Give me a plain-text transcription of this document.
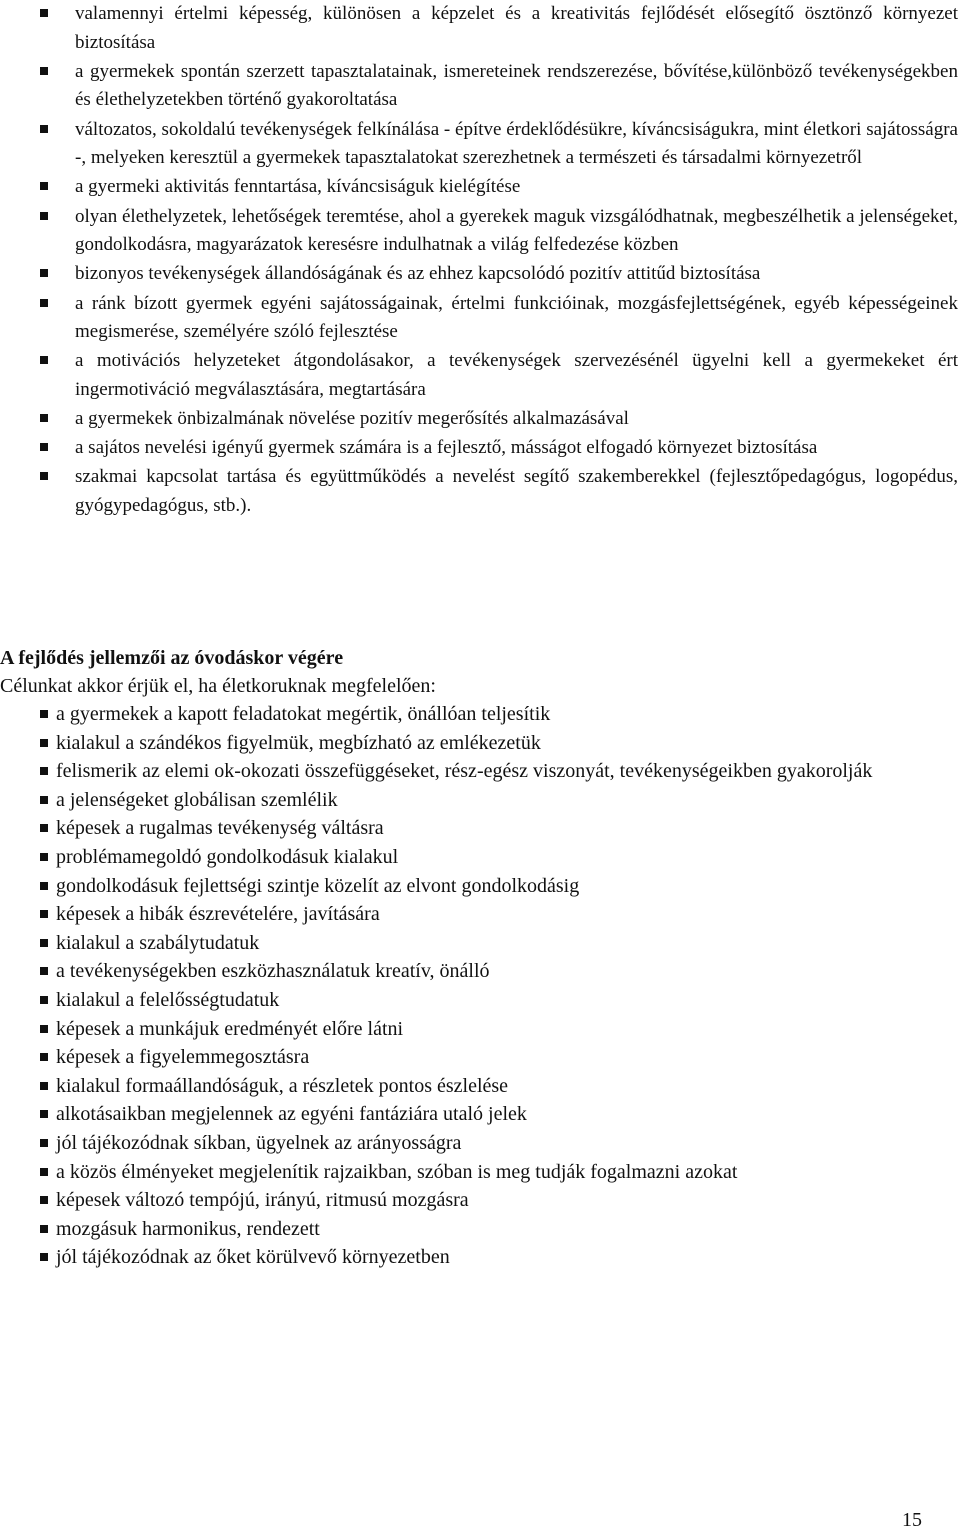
valamennyi értelmi képesség, különösen a képzelet és a kreativitás fejlődését elősegítő ösztönző környezet biztosítása
a gyermekek spontán szerzett tapasztalatainak, ismereteinek rendszerezése, bővítése,különböző tevékenységekben és élethelyzetekben történő gyakoroltatása
változatos, sokoldalú tevékenységek felkínálása - építve érdeklődésükre, kíváncsiságukra, mint életkori sajátosságra -, melyeken keresztül a gyermekek tapasztalatokat szerezhetnek a természeti és társadalmi környezetről
a gyermeki aktivitás fenntartása, kíváncsiságuk kielégítése
olyan élethelyzetek, lehetőségek teremtése, ahol a gyerekek maguk vizsgálódhatnak, megbeszélhetik a jelenségeket, gondolkodásra, magyarázatok keresésre indulhatnak a világ felfedezése közben
bizonyos tevékenységek állandóságának és az ehhez kapcsolódó pozitív attitűd biztosítása
a ránk bízott gyermek egyéni sajátosságainak, értelmi funkcióinak, mozgásfejlettségének, egyéb képességeinek megismerése, személyére szóló fejlesztése
a motivációs helyzeteket átgondolásakor, a tevékenységek szervezésénél ügyelni kell a gyermekeket ért ingermotiváció megválasztására, megtartására
a gyermekek önbizalmának növelése pozitív megerősítés alkalmazásával
a sajátos nevelési igényű gyermek számára is a fejlesztő, másságot elfogadó környezet biztosítása
szakmai kapcsolat tartása és együttműködés a nevelést segítő szakemberekkel (fejlesztőpedagógus, logopédus, gyógypedagógus, stb.).
A fejlődés jellemzői az óvodáskor végére
Célunkat akkor érjük el, ha életkoruknak megfelelően:
a gyermekek a kapott feladatokat megértik, önállóan teljesítik
kialakul a szándékos figyelmük, megbízható az emlékezetük
felismerik az elemi ok-okozati összefüggéseket, rész-egész viszonyát, tevékenységeikben gyakorolják
a jelenségeket globálisan szemlélik
képesek a rugalmas tevékenység váltásra
problémamegoldó gondolkodásuk kialakul
gondolkodásuk fejlettségi szintje közelít az elvont gondolkodásig
képesek a hibák észrevételére, javítására
kialakul a szabálytudatuk
a tevékenységekben eszközhasználatuk kreatív, önálló
kialakul a felelősségtudatuk
képesek a munkájuk eredményét előre látni
képesek a figyelemmegosztásra
kialakul formaállandóságuk, a részletek pontos észlelése
alkotásaikban megjelennek az egyéni fantáziára utaló jelek
jól tájékozódnak síkban, ügyelnek az arányosságra
a közös élményeket megjelenítik rajzaikban, szóban is meg tudják fogalmazni azokat
képesek változó tempójú, irányú, ritmusú mozgásra
mozgásuk harmonikus, rendezett
jól tájékozódnak az őket körülvevő környezetben
15
